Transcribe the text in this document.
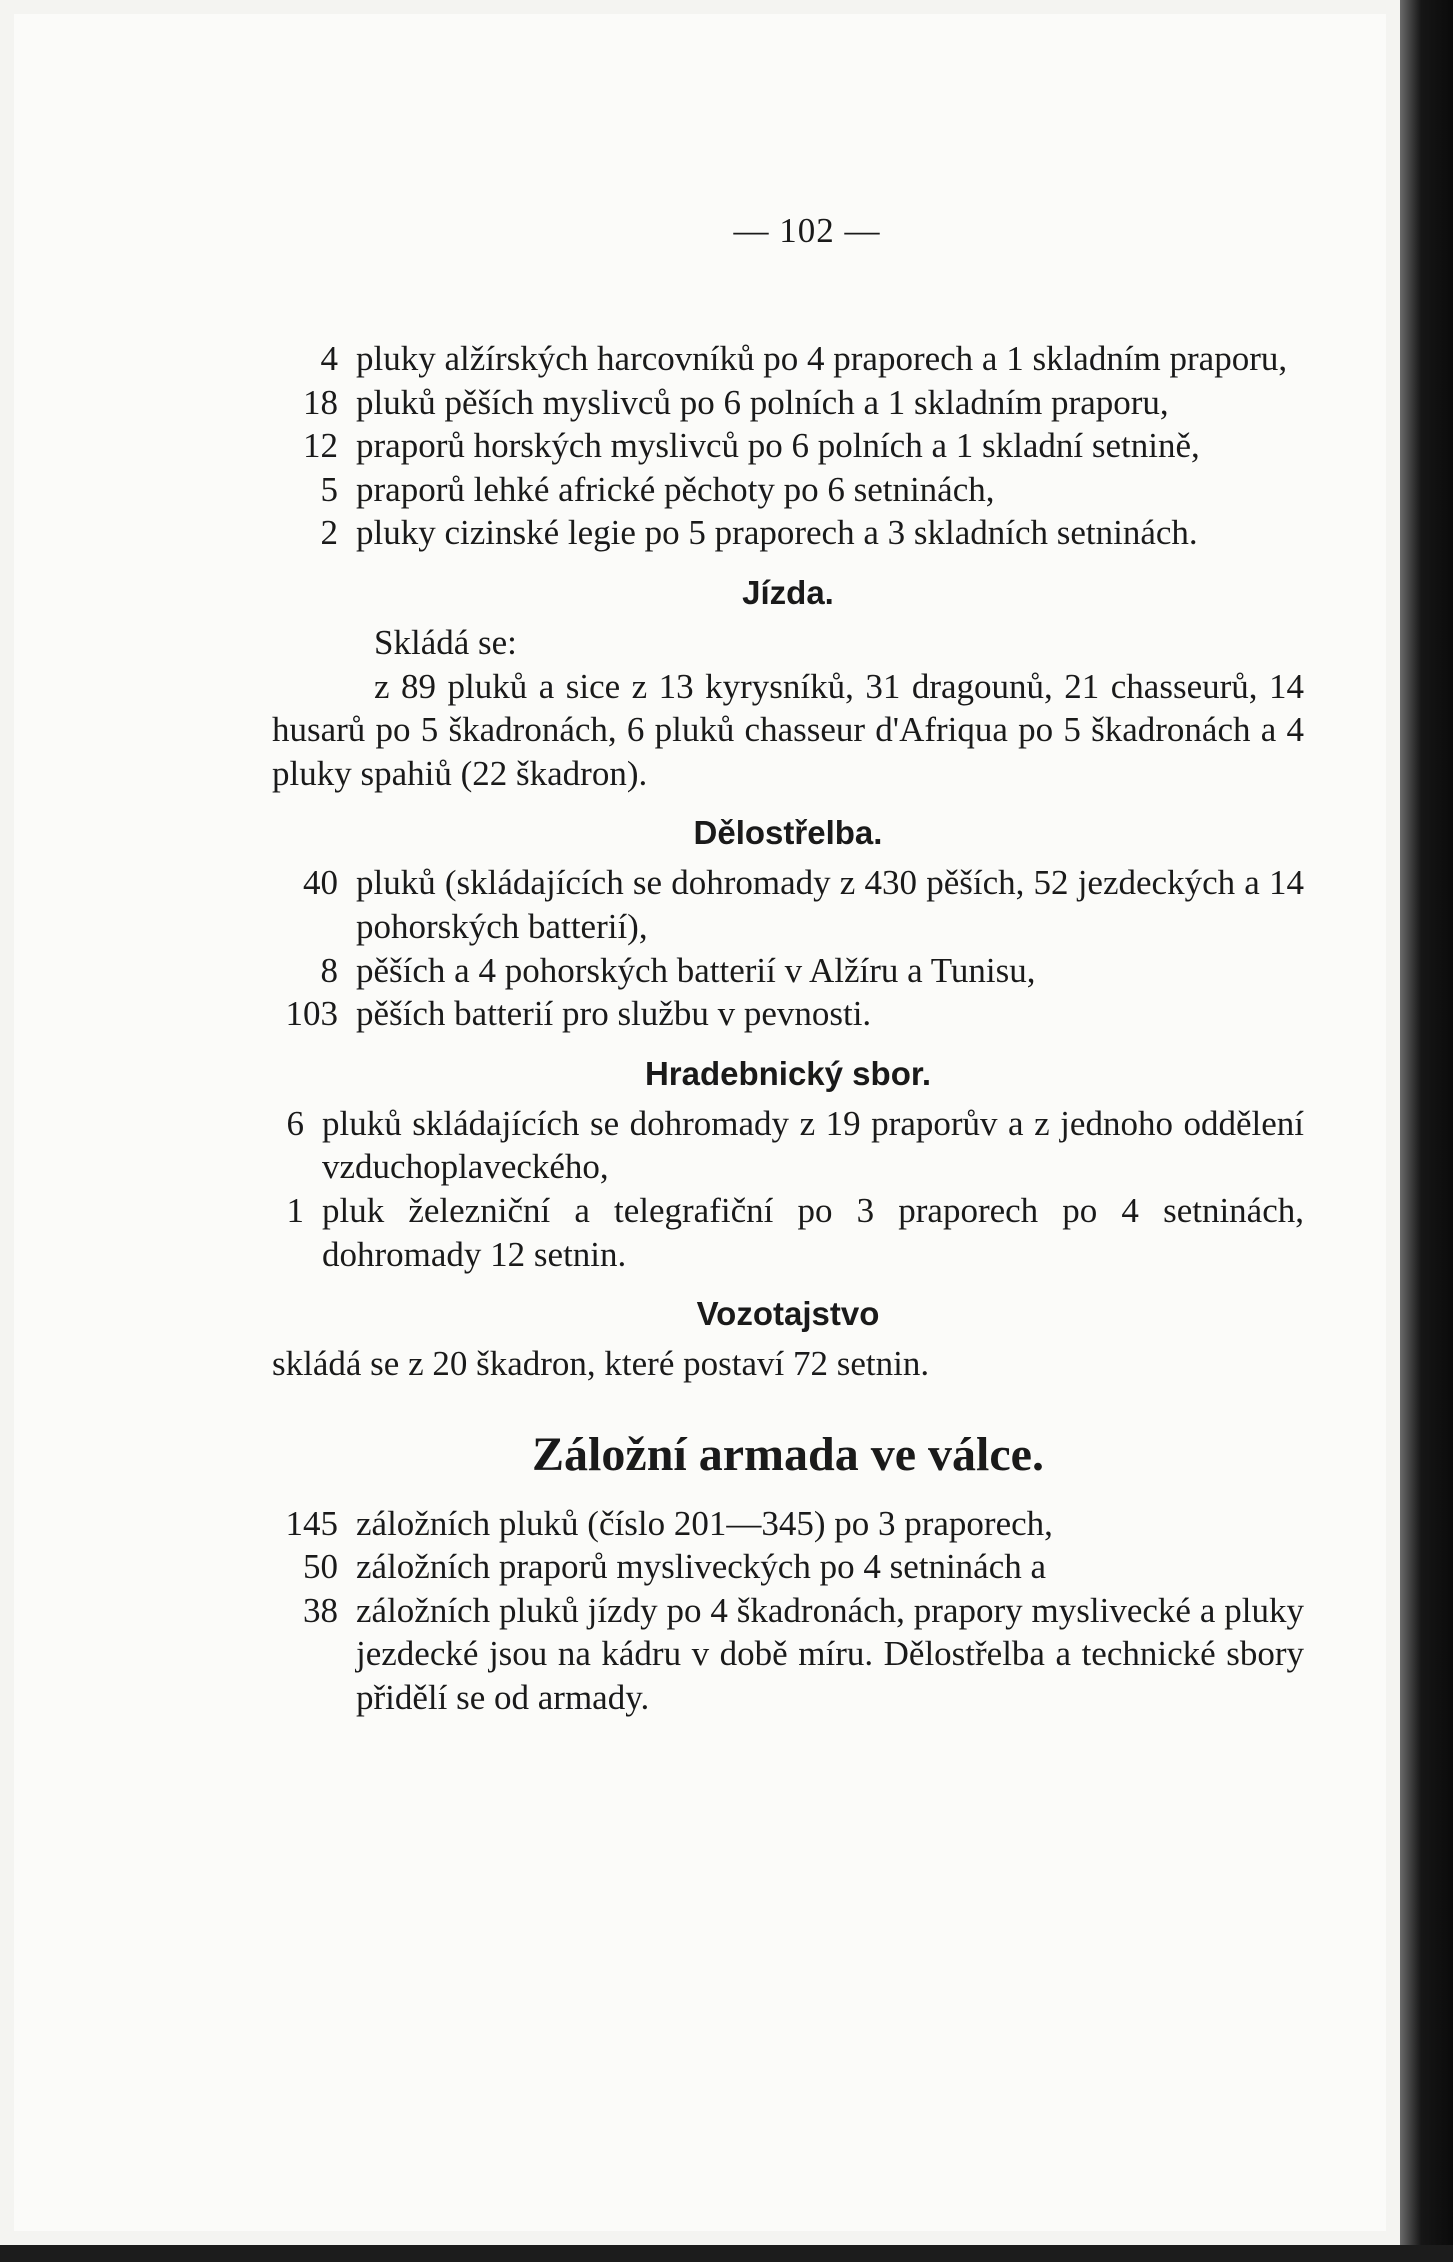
— 102 —
4 pluky alžírských harcovníků po 4 praporech a 1 skladním praporu,
18 pluků pěších myslivců po 6 polních a 1 skladním praporu,
12 praporů horských myslivců po 6 polních a 1 skladní setnině,
5 praporů lehké africké pěchoty po 6 setninách,
2 pluky cizinské legie po 5 praporech a 3 skladních setninách.
Jízda.
Skládá se:
z 89 pluků a sice z 13 kyrysníků, 31 dragounů, 21 chasseurů, 14 husarů po 5 škadronách, 6 pluků chasseur d'Afriqua po 5 škadronách a 4 pluky spahiů (22 škadron).
Dělostřelba.
40 pluků (skládajících se dohromady z 430 pěších, 52 jezdeckých a 14 pohorských batterií),
8 pěších a 4 pohorských batterií v Alžíru a Tunisu,
103 pěších batterií pro službu v pevnosti.
Hradebnický sbor.
6 pluků skládajících se dohromady z 19 praporův a z jednoho oddělení vzduchoplaveckého,
1 pluk železniční a telegrafiční po 3 praporech po 4 setninách, dohromady 12 setnin.
Vozotajstvo
skládá se z 20 škadron, které postaví 72 setnin.
Záložní armada ve válce.
145 záložních pluků (číslo 201—345) po 3 praporech,
50 záložních praporů mysliveckých po 4 setninách a
38 záložních pluků jízdy po 4 škadronách, prapory myslivecké a pluky jezdecké jsou na kádru v době míru. Dělostřelba a technické sbory přidělí se od armady.
